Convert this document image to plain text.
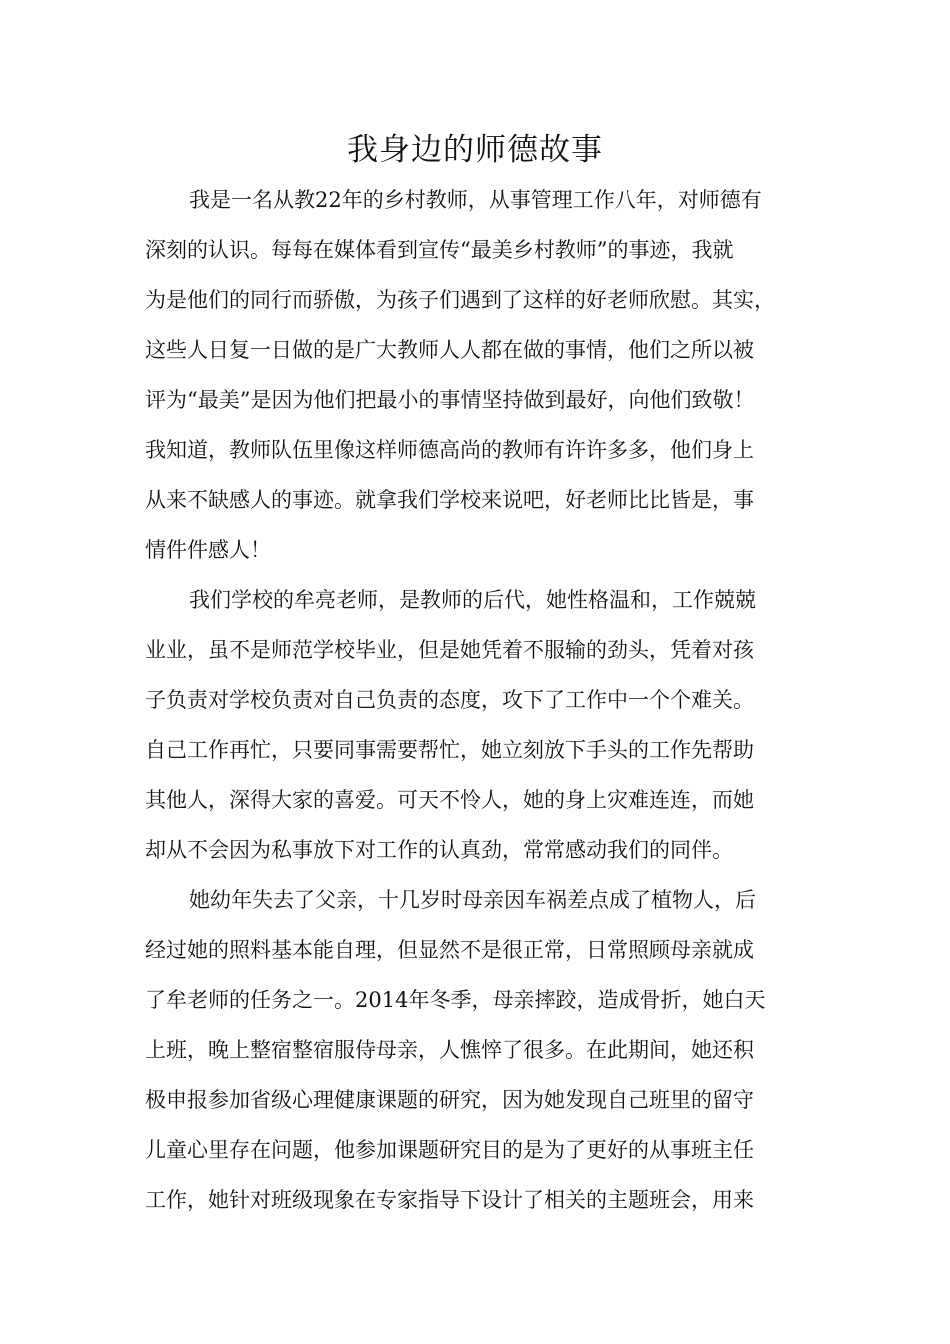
我身边的师德故事
我是一名从教22年的乡村教师，从事管理工作八年，对师德有
深刻的认识。每每在媒体看到宣传“最美乡村教师”的事迹，我就
为是他们的同行而骄傲，为孩子们遇到了这样的好老师欣慰。其实，
这些人日复一日做的是广大教师人人都在做的事情，他们之所以被
评为“最美”是因为他们把最小的事情坚持做到最好，向他们致敬！
我知道，教师队伍里像这样师德高尚的教师有许许多多，他们身上
从来不缺感人的事迹。就拿我们学校来说吧，好老师比比皆是，事
情件件感人！
我们学校的牟亮老师，是教师的后代，她性格温和，工作兢兢
业业，虽不是师范学校毕业，但是她凭着不服输的劲头，凭着对孩
子负责对学校负责对自己负责的态度，攻下了工作中一个个难关。
自己工作再忙，只要同事需要帮忙，她立刻放下手头的工作先帮助
其他人，深得大家的喜爱。可天不怜人，她的身上灾难连连，而她
却从不会因为私事放下对工作的认真劲，常常感动我们的同伴。
她幼年失去了父亲，十几岁时母亲因车祸差点成了植物人，后
经过她的照料基本能自理，但显然不是很正常，日常照顾母亲就成
了牟老师的任务之一。2014年冬季，母亲摔跤，造成骨折，她白天
上班，晚上整宿整宿服侍母亲，人憔悴了很多。在此期间，她还积
极申报参加省级心理健康课题的研究，因为她发现自己班里的留守
儿童心里存在问题，他参加课题研究目的是为了更好的从事班主任
工作，她针对班级现象在专家指导下设计了相关的主题班会，用来
